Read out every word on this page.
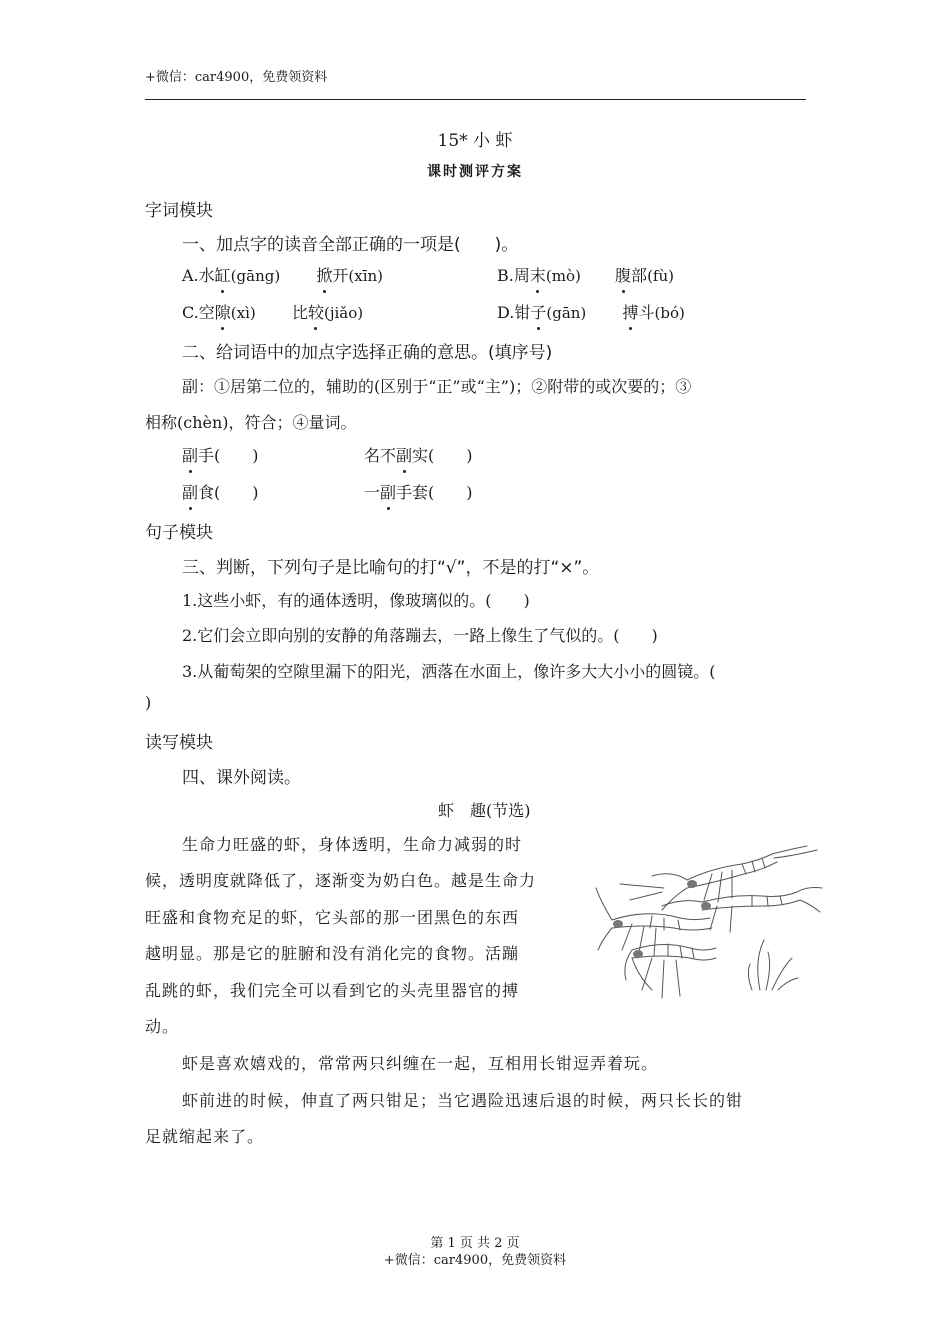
+微信：car4900，免费领资料
15* 小 虾
课时测评方案
字词模块
一、加点字的读音全部正确的一项是(　　)。
A.水缸(gāng) 掀开(xīn)	B.周末(mò) 腹部(fù)
C.空隙(xì) 比较(jiǎo)	D.钳子(gān) 搏斗(bó)
二、给词语中的加点字选择正确的意思。(填序号)
副：①居第二位的，辅助的(区别于“正”或“主”)；②附带的或次要的；③
相称(chèn)，符合；④量词。
副手(　　)	名不副实(　　)
副食(　　)	一副手套(　　)
句子模块
三、判断，下列句子是比喻句的打“√”，不是的打“×”。
1.这些小虾，有的通体透明，像玻璃似的。(　　)
2.它们会立即向别的安静的角落蹦去，一路上像生了气似的。(　　)
3.从葡萄架的空隙里漏下的阳光，洒落在水面上，像许多大大小小的圆镜。(
)
读写模块
四、课外阅读。
虾　趣(节选)
生命力旺盛的虾，身体透明，生命力减弱的时
候，透明度就降低了，逐渐变为奶白色。越是生命力
旺盛和食物充足的虾，它头部的那一团黑色的东西
越明显。那是它的脏腑和没有消化完的食物。活蹦
乱跳的虾，我们完全可以看到它的头壳里器官的搏
动。
虾是喜欢嬉戏的，常常两只纠缠在一起，互相用长钳逗弄着玩。
虾前进的时候，伸直了两只钳足；当它遇险迅速后退的时候，两只长长的钳
足就缩起来了。
第 1 页 共 2 页
+微信：car4900，免费领资料
